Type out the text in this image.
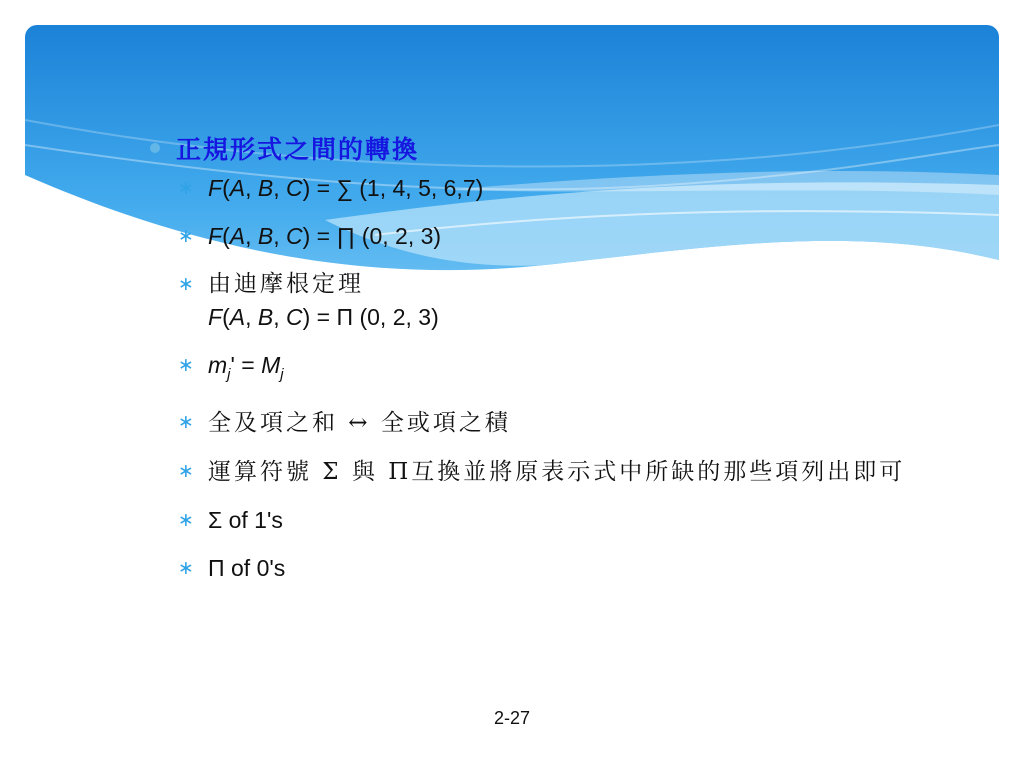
正規形式之間的轉換
∗ F(A, B, C) = ∑ (1, 4, 5, 6,7)
∗ F(A, B, C) = ∏ (0, 2, 3)
∗ 由迪摩根定理
F(A, B, C) = Π (0, 2, 3)
∗ $m_j' = M_j$
∗ 全及項之和 ↔ 全或項之積
∗ 運算符號 Σ 與 Π互換並將原表示式中所缺的那些項列出即可
∗ Σ of 1's
∗ Π of 0's
2-27
